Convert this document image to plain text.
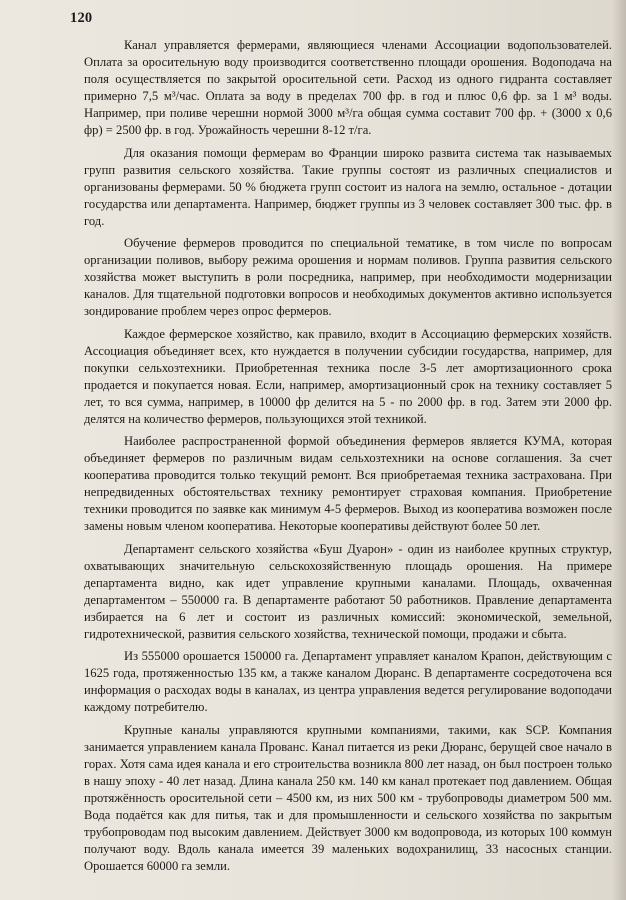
120

Канал управляется фермерами, являющиеся членами Ассоциации водопользователей. Оплата за оросительную воду производится соответственно площади орошения. Водоподача на поля осуществляется по закрытой оросительной сети. Расход из одного гидранта составляет примерно 7,5 м³/час. Оплата за воду в пределах 700 фр. в год и плюс 0,6 фр. за 1 м³ воды. Например, при поливе черешни нормой 3000 м³/га общая сумма составит 700 фр. + (3000 х 0,6 фр) = 2500 фр. в год. Урожайность черешни 8-12 т/га.

Для оказания помощи фермерам во Франции широко развита система так называемых групп развития сельского хозяйства. Такие группы состоят из различных специалистов и организованы фермерами. 50 % бюджета групп состоит из налога на землю, остальное - дотации государства или департамента. Например, бюджет группы из 3 человек составляет 300 тыс. фр. в год.

Обучение фермеров проводится по специальной тематике, в том числе по вопросам организации поливов, выбору режима орошения и нормам поливов. Группа развития сельского хозяйства может выступить в роли посредника, например, при необходимости модернизации каналов. Для тщательной подготовки вопросов и необходимых документов активно используется зондирование проблем через опрос фермеров.

Каждое фермерское хозяйство, как правило, входит в Ассоциацию фермерских хозяйств. Ассоциация объединяет всех, кто нуждается в получении субсидии государства, например, для покупки сельхозтехники. Приобретенная техника после 3-5 лет амортизационного срока продается и покупается новая. Если, например, амортизационный срок на технику составляет 5 лет, то вся сумма, например, в 10000 фр делится на 5 - по 2000 фр. в год. Затем эти 2000 фр. делятся на количество фермеров, пользующихся этой техникой.

Наиболее распространенной формой объединения фермеров является КУМА, которая объединяет фермеров по различным видам сельхозтехники на основе соглашения. За счет кооператива проводится только текущий ремонт. Вся приобретаемая техника застрахована. При непредвиденных обстоятельствах технику ремонтирует страховая компания. Приобретение техники проводится по заявке как минимум 4-5 фермеров. Выход из кооператива возможен после замены новым членом кооператива. Некоторые кооперативы действуют более 50 лет.

Департамент сельского хозяйства «Буш Дуарон» - один из наиболее крупных структур, охватывающих значительную сельскохозяйственную площадь орошения. На примере департамента видно, как идет управление крупными каналами. Площадь, охваченная департаментом – 550000 га. В департаменте работают 50 работников. Правление департамента избирается на 6 лет и состоит из различных комиссий: экономической, земельной, гидротехнической, развития сельского хозяйства, технической помощи, продажи и сбыта.

Из 555000 орошается 150000 га. Департамент управляет каналом Крапон, действующим с 1625 года, протяженностью 135 км, а также каналом Дюранс. В департаменте сосредоточена вся информация о расходах воды в каналах, из центра управления ведется регулирование водоподачи каждому потребителю.

Крупные каналы управляются крупными компаниями, такими, как SCP. Компания занимается управлением канала Прованс. Канал питается из реки Дюранс, берущей свое начало в горах. Хотя сама идея канала и его строительства возникла 800 лет назад, он был построен только в нашу эпоху - 40 лет назад. Длина канала 250 км. 140 км канал протекает под давлением. Общая протяжённость оросительной сети – 4500 км, из них 500 км - трубопроводы диаметром 500 мм. Вода подаётся как для питья, так и для промышленности и сельского хозяйства по закрытым трубопроводам под высоким давлением. Действует 3000 км водопровода, из которых 100 коммун получают воду. Вдоль канала имеется 39 маленьких водохранилищ, 33 насосных станции. Орошается 60000 га земли.
